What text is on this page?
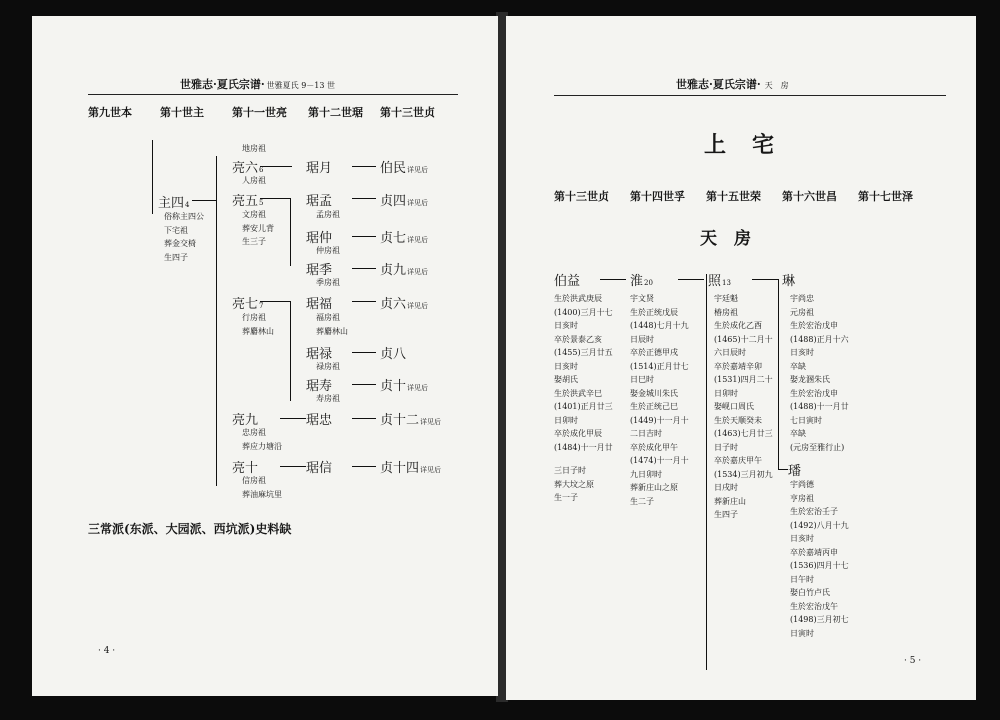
世雅志·夏氏宗谱· 世雅夏氏 9－13 世
第九世本	第十世主	第十一世亮 第十二世琚 第十三世贞
主四4
俗称主四公
下宅祖
葬金交椅
生四子
地房祖
亮六6
人房祖
亮五5
文房祖
葬安儿背
生三子
亮七7
行房祖
葬麝林山
亮九
忠房祖
葬应力塘沿
亮十
信房祖
葬油麻坑里
琚月
琚孟
孟房祖
琚仲
仲房祖
琚季
季房祖
琚福
福房祖
葬麝林山
琚禄
禄房祖
琚寿
寿房祖
琚忠
琚信
伯民详见后
贞四详见后
贞七详见后
贞九详见后
贞六详见后
贞八
贞十详见后
贞十二详见后
贞十四详见后
三常派(东派、大园派、西坑派)史料缺
· 4 ·
世雅志·夏氏宗谱· 天　房
上　宅
第十三世贞 第十四世孚 第十五世荣 第十六世昌 第十七世泽
天　房
伯益
生於洪武庚辰
(1400)三月十七
日亥时
卒於景泰乙亥
(1455)三月廿五
日亥时
娶胡氏
生於洪武辛巳
(1401)正月廿三
日卯时
卒於成化甲辰
(1484)十一月廿
三日子时
葬大坟之原
生一子
淮20
宇文贤
生於正统戊辰
(1448)七月十九
日辰时
卒於正德甲戌
(1514)正月廿七
日巳时
娶金城川朱氏
生於正统己巳
(1449)十一月十
二日吉时
卒於成化甲午
(1474)十一月十
九日卯时
葬新庄山之原
生二子
照13
宇廷魁
椿房祖
生於成化乙酉
(1465)十二月十
六日辰时
卒於嘉靖辛卯
(1531)四月二十
日卯时
娶岘口周氏
生於天顺癸未
(1463)七月廿三
日子时
卒於嘉庆甲午
(1534)三月初九
日戌时
葬新庄山
生四子
琳
宇尚忠
元房祖
生於宏治戊申
(1488)正月十六
日亥时
卒缺
娶龙溷朱氏
生於宏治戊申
(1488)十一月廿
七日寅时
卒缺
(元房至雅行止)
璠
宇尚德
亨房祖
生於宏治壬子
(1492)八月十九
日亥时
卒於嘉靖丙申
(1536)四月十七
日午时
娶白竹卢氏
生於宏治戊午
(1498)三月初七
日寅时
· 5 ·
